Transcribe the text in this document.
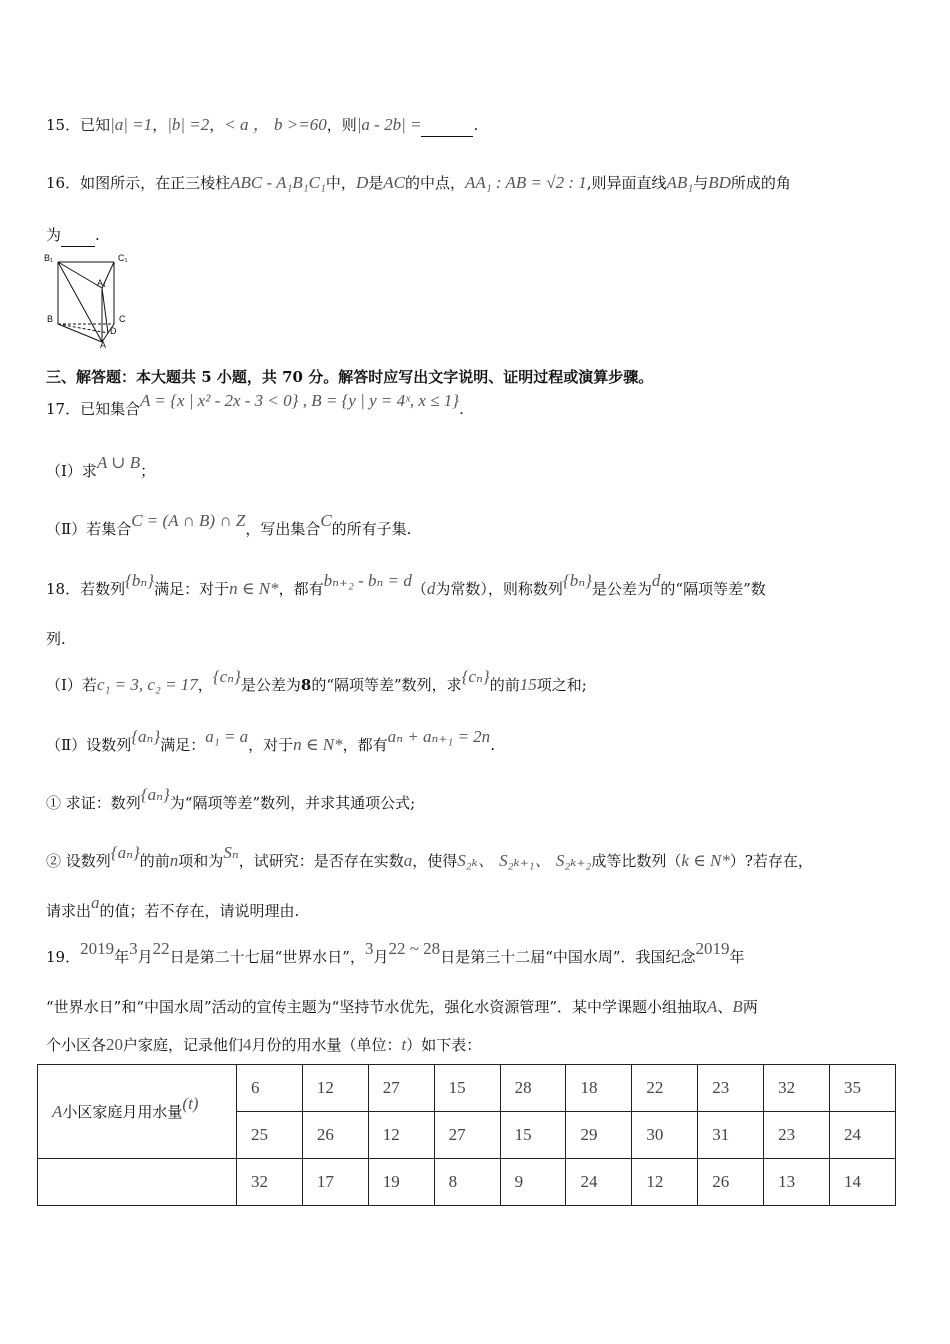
15．已知|a| =1，|b| =2，< a ， b >=60，则|a - 2b| =	.
16．如图所示，在正三棱柱ABC - A₁B₁C₁中，D是AC的中点，AA₁ : AB = √2 : 1,则异面直线AB₁与BD所成的角
为 .
B₁	C₁
A₁
B	C
D
A
三、解答题：本大题共 5 小题，共 70 分。解答时应写出文字说明、证明过程或演算步骤。
17．已知集合A = {x | x² - 2x - 3 < 0} , B = {y | y = 4ˣ, x ≤ 1}.
（Ⅰ）求A ∪ B；
（Ⅱ）若集合C = (A ∩ B) ∩ Z，写出集合C的所有子集.
18．若数列{bₙ}满足：对于n ∈ N*，都有bₙ₊₂ - bₙ = d（d为常数），则称数列{bₙ}是公差为d的“隔项等差”数
列.
（Ⅰ）若c₁ = 3, c₂ = 17，{cₙ}是公差为8的“隔项等差”数列，求{cₙ}的前15项之和;
（Ⅱ）设数列{aₙ}满足：a₁ = a，对于n ∈ N*，都有aₙ + aₙ₊₁ = 2n.
① 求证：数列{aₙ}为“隔项等差”数列，并求其通项公式;
② 设数列{aₙ}的前n项和为Sₙ，试研究：是否存在实数a，使得S₂ₖ、 S₂ₖ₊₁、 S₂ₖ₊₂成等比数列（k ∈ N*）?若存在，
请求出a的值；若不存在，请说明理由.
19．2019年3月22日是第二十七届“世界水日”，3月22 ~ 28日是第三十二届“中国水周”．我国纪念2019年
“世界水日”和“中国水周”活动的宣传主题为“坚持节水优先，强化水资源管理”．某中学课题小组抽取A、B两
个小区各20户家庭，记录他们4月份的用水量（单位：t）如下表：
A小区家庭月用水量(t)	6	12	27	15	28	18	22	23	32	35
	25	26	12	27	15	29	30	31	23	24
	32	17	19	8	9	24	12	26	13	14
